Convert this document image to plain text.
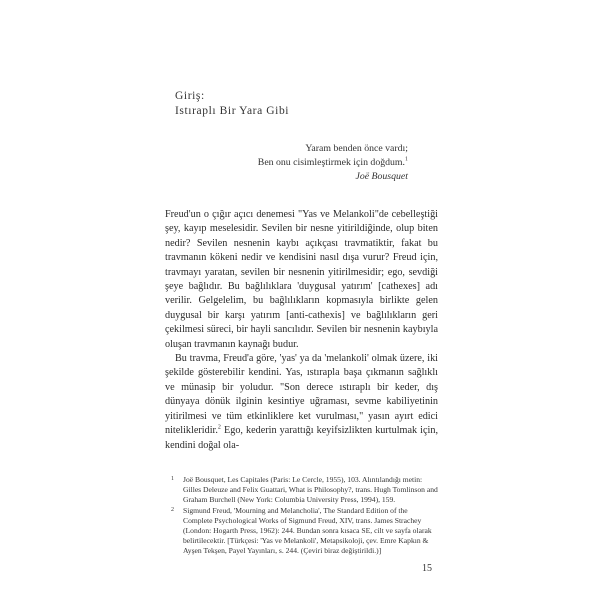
Giriş:
Istıraplı Bir Yara Gibi
Yaram benden önce vardı;
Ben onu cisimleştirmek için doğdum.$^1$
Joë Bousquet

Freud'un o çığır açıcı denemesi "Yas ve Melankoli"de cebelleştiği şey, kayıp meselesidir. Sevilen bir nesne yitirildiğinde, olup biten nedir? Sevilen nesnenin kaybı açıkçası travmatiktir, fakat bu travmanın kökeni nedir ve kendisini nasıl dışa vurur? Freud için, travmayı yaratan, sevilen bir nesnenin yitirilmesidir; ego, sevdiği şeye bağlıdır. Bu bağlılıklara 'duygusal yatırım' [cathexes] adı verilir. Gelgelelim, bu bağlılıkların kopmasıyla birlikte gelen duygusal bir karşı yatırım [anti-cathexis] ve bağlılıkların geri çekilmesi süreci, bir hayli sancılıdır. Sevilen bir nesnenin kaybıyla oluşan travmanın kaynağı budur.

Bu travma, Freud'a göre, 'yas' ya da 'melankoli' olmak üzere, iki şekilde gösterebilir kendini. Yas, ıstırapla başa çıkmanın sağlıklı ve münasip bir yoludur. "Son derece ıstıraplı bir keder, dış dünyaya dönük ilginin kesintiye uğraması, sevme kabiliyetinin yitirilmesi ve tüm etkinliklere ket vurulması," yasın ayırt edici nitelikleridir.$^2$ Ego, kederin yarattığı keyifsizlikten kurtulmak için, kendini doğal ola-

1 Joë Bousquet, Les Capitales (Paris: Le Cercle, 1955), 103. Alıntılandığı metin: Gilles Deleuze and Felix Guattari, What is Philosophy?, trans. Hugh Tomlinson and Graham Burchell (New York: Columbia University Press, 1994), 159.

2 Sigmund Freud, 'Mourning and Melancholia', The Standard Edition of the Complete Psychological Works of Sigmund Freud, XIV, trans. James Strachey (London: Hogarth Press, 1962): 244. Bundan sonra kısaca SE, cilt ve sayfa olarak belirtilecektir. [Türkçesi: 'Yas ve Melankoli', Metapsikoloji, çev. Emre Kapkın & Ayşen Tekşen, Payel Yayınları, s. 244. (Çeviri biraz değiştirildi.)]

15
